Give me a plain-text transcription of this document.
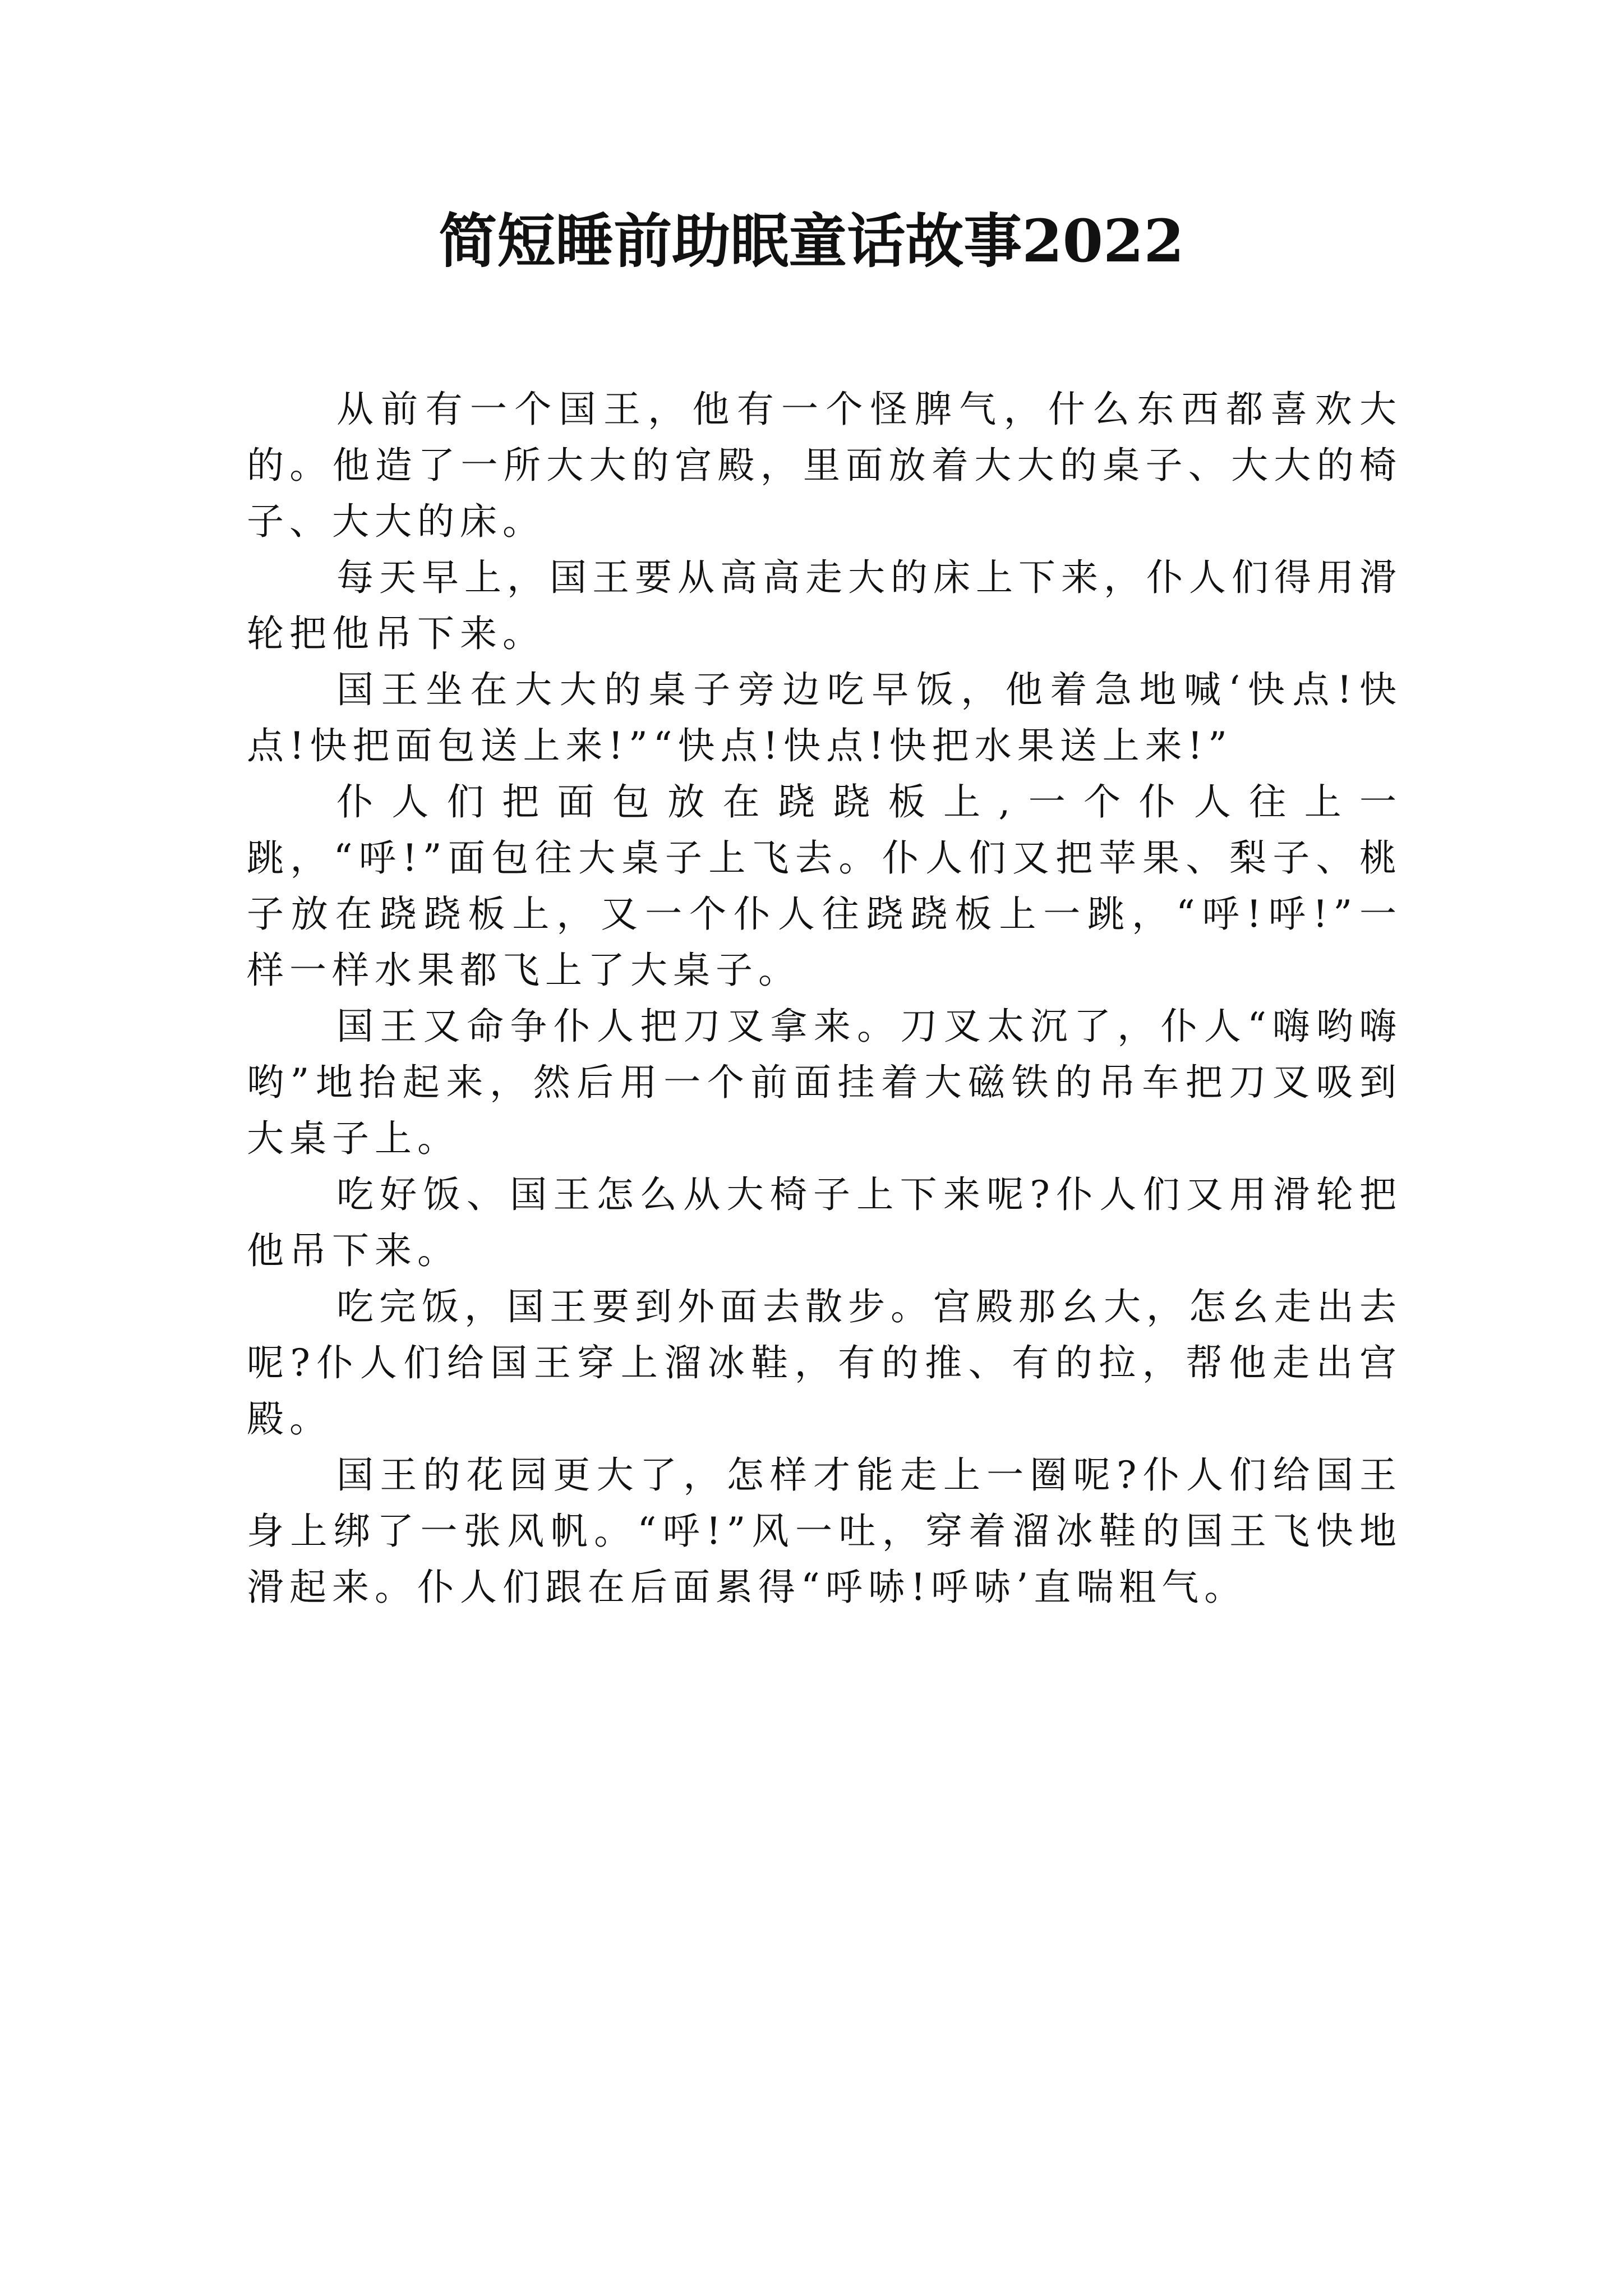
简短睡前助眠童话故事2022

从前有一个国王，他有一个怪脾气，什么东西都喜欢大的。他造了一所大大的宫殿，里面放着大大的桌子、大大的椅子、大大的床。

每天早上，国王要从高高走大的床上下来，仆人们得用滑轮把他吊下来。

国王坐在大大的桌子旁边吃早饭，他着急地喊‘快点!快点!快把面包送上来!”“快点!快点!快把水果送上来!”

仆人们把面包放在跷跷板上,一个仆人往上一跳，“呼!”面包往大桌子上飞去。仆人们又把苹果、梨子、桃子放在跷跷板上，又一个仆人往跷跷板上一跳，“呼!呼!”一样一样水果都飞上了大桌子。

国王又命争仆人把刀叉拿来。刀叉太沉了，仆人“嗨哟嗨哟”地抬起来，然后用一个前面挂着大磁铁的吊车把刀叉吸到大桌子上。

吃好饭、国王怎么从大椅子上下来呢?仆人们又用滑轮把他吊下来。

吃完饭，国王要到外面去散步。宫殿那幺大，怎幺走出去呢?仆人们给国王穿上溜冰鞋，有的推、有的拉，帮他走出宫殿。

国王的花园更大了，怎样才能走上一圈呢?仆人们给国王身上绑了一张风帆。“呼!”风一吐，穿着溜冰鞋的国王飞快地滑起来。仆人们跟在后面累得“呼哧!呼哧’直喘粗气。
